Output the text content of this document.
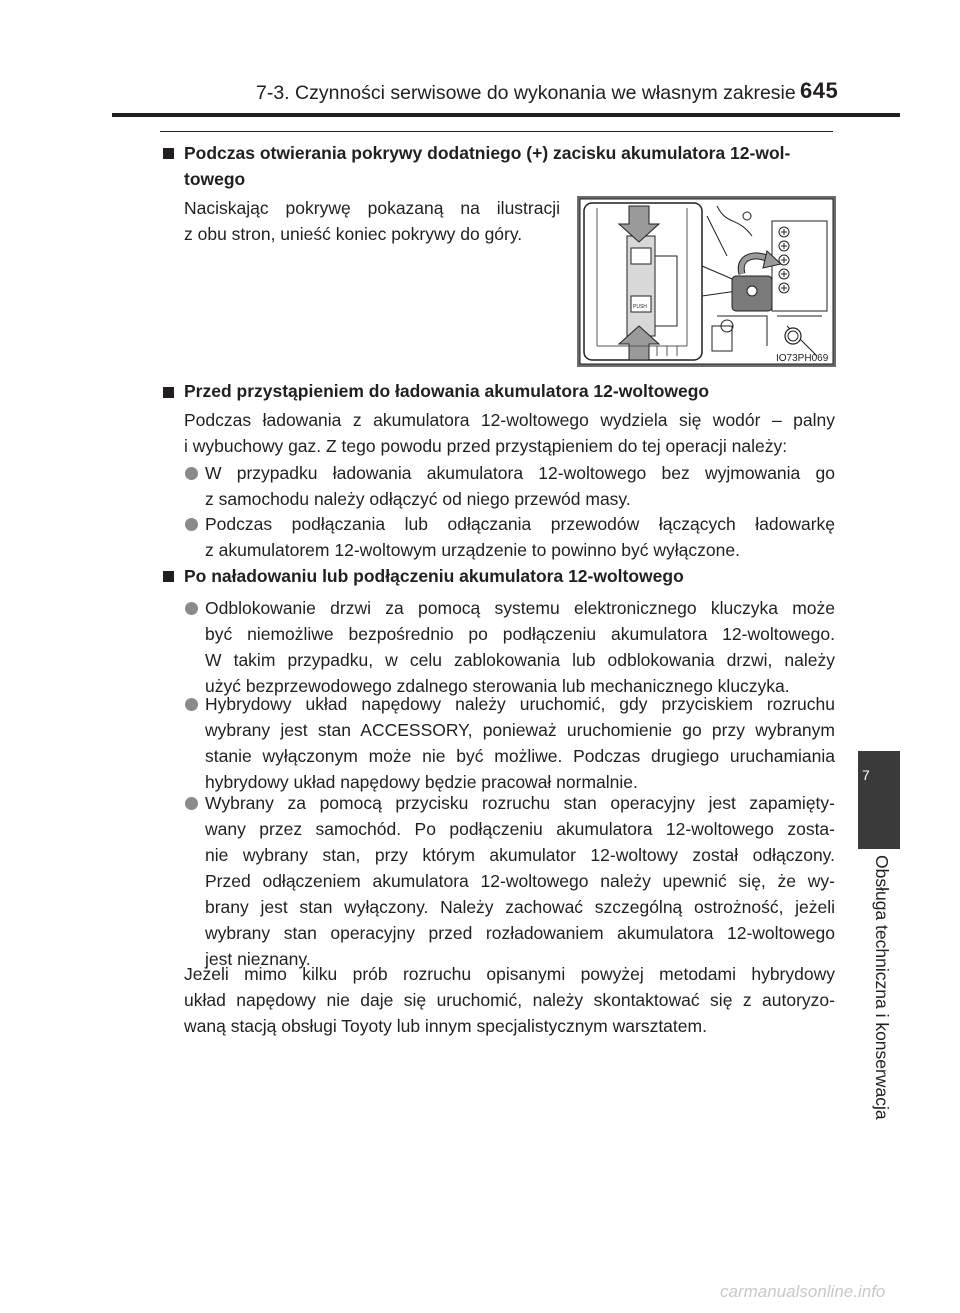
7-3. Czynności serwisowe do wykonania we własnym zakresie 645
7
Obsługa techniczna i konserwacja
Podczas otwierania pokrywy dodatniego (+) zacisku akumulatora 12-wol-
towego
Naciskając pokrywę pokazaną na ilustracji
z obu stron, unieść koniec pokrywy do góry.
PUSH
IO73PH069
Przed przystąpieniem do ładowania akumulatora 12-woltowego
Podczas ładowania z akumulatora 12-woltowego wydziela się wodór – palny
i wybuchowy gaz. Z tego powodu przed przystąpieniem do tej operacji należy:
W przypadku ładowania akumulatora 12-woltowego bez wyjmowania go
z samochodu należy odłączyć od niego przewód masy.
Podczas podłączania lub odłączania przewodów łączących ładowarkę
z akumulatorem 12-woltowym urządzenie to powinno być wyłączone.
Po naładowaniu lub podłączeniu akumulatora 12-woltowego
Odblokowanie drzwi za pomocą systemu elektronicznego kluczyka może
być niemożliwe bezpośrednio po podłączeniu akumulatora 12-woltowego.
W takim przypadku, w celu zablokowania lub odblokowania drzwi, należy
użyć bezprzewodowego zdalnego sterowania lub mechanicznego kluczyka.
Hybrydowy układ napędowy należy uruchomić, gdy przyciskiem rozruchu
wybrany jest stan ACCESSORY, ponieważ uruchomienie go przy wybranym
stanie wyłączonym może nie być możliwe. Podczas drugiego uruchamiania
hybrydowy układ napędowy będzie pracował normalnie.
Wybrany za pomocą przycisku rozruchu stan operacyjny jest zapamięty-
wany przez samochód. Po podłączeniu akumulatora 12-woltowego zosta-
nie wybrany stan, przy którym akumulator 12-woltowy został odłączony.
Przed odłączeniem akumulatora 12-woltowego należy upewnić się, że wy-
brany jest stan wyłączony. Należy zachować szczególną ostrożność, jeżeli
wybrany stan operacyjny przed rozładowaniem akumulatora 12-woltowego
jest nieznany.
Jeżeli mimo kilku prób rozruchu opisanymi powyżej metodami hybrydowy
układ napędowy nie daje się uruchomić, należy skontaktować się z autoryzo-
waną stacją obsługi Toyoty lub innym specjalistycznym warsztatem.
carmanualsonline.info
